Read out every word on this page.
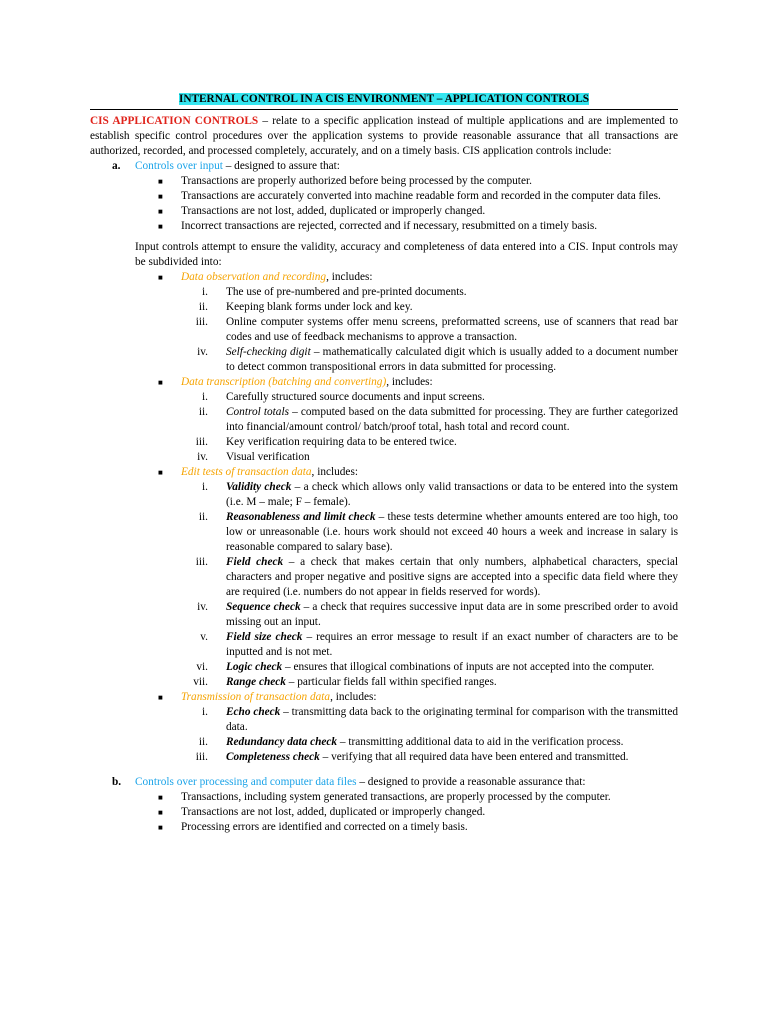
INTERNAL CONTROL IN A CIS ENVIRONMENT – APPLICATION CONTROLS

CIS APPLICATION CONTROLS – relate to a specific application instead of multiple applications and are implemented to establish specific control procedures over the application systems to provide reasonable assurance that all transactions are authorized, recorded, and processed completely, accurately, and on a timely basis. CIS application controls include:

a. Controls over input – designed to assure that:
■ Transactions are properly authorized before being processed by the computer.
■ Transactions are accurately converted into machine readable form and recorded in the computer data files.
■ Transactions are not lost, added, duplicated or improperly changed.
■ Incorrect transactions are rejected, corrected and if necessary, resubmitted on a timely basis.
Input controls attempt to ensure the validity, accuracy and completeness of data entered into a CIS. Input controls may be subdivided into:
■ Data observation and recording, includes:
i. The use of pre-numbered and pre-printed documents.
ii. Keeping blank forms under lock and key.
iii. Online computer systems offer menu screens, preformatted screens, use of scanners that read bar codes and use of feedback mechanisms to approve a transaction.
iv. Self-checking digit – mathematically calculated digit which is usually added to a document number to detect common transpositional errors in data submitted for processing.
■ Data transcription (batching and converting), includes:
i. Carefully structured source documents and input screens.
ii. Control totals – computed based on the data submitted for processing. They are further categorized into financial/amount control/ batch/proof total, hash total and record count.
iii. Key verification requiring data to be entered twice.
iv. Visual verification
■ Edit tests of transaction data, includes:
i. Validity check – a check which allows only valid transactions or data to be entered into the system (i.e. M – male; F – female).
ii. Reasonableness and limit check – these tests determine whether amounts entered are too high, too low or unreasonable (i.e. hours work should not exceed 40 hours a week and increase in salary is reasonable compared to salary base).
iii. Field check – a check that makes certain that only numbers, alphabetical characters, special characters and proper negative and positive signs are accepted into a specific data field where they are required (i.e. numbers do not appear in fields reserved for words).
iv. Sequence check – a check that requires successive input data are in some prescribed order to avoid missing out an input.
v. Field size check – requires an error message to result if an exact number of characters are to be inputted and is not met.
vi. Logic check – ensures that illogical combinations of inputs are not accepted into the computer.
vii. Range check – particular fields fall within specified ranges.
■ Transmission of transaction data, includes:
i. Echo check – transmitting data back to the originating terminal for comparison with the transmitted data.
ii. Redundancy data check – transmitting additional data to aid in the verification process.
iii. Completeness check – verifying that all required data have been entered and transmitted.
b. Controls over processing and computer data files – designed to provide a reasonable assurance that:
■ Transactions, including system generated transactions, are properly processed by the computer.
■ Transactions are not lost, added, duplicated or improperly changed.
■ Processing errors are identified and corrected on a timely basis.
